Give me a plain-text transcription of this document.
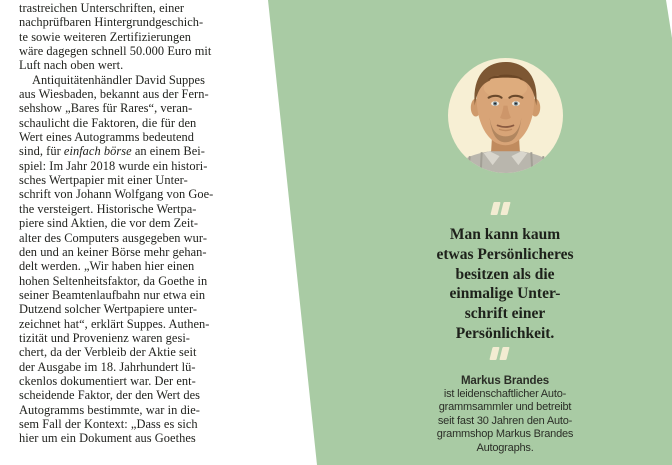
trastreichen Unterschriften, einer
nachprüfbaren Hintergrundgeschich-
te sowie weiteren Zertifizierungen
wäre dagegen schnell 50.000 Euro mit
Luft nach oben wert.
Antiquitätenhändler David Suppes
aus Wiesbaden, bekannt aus der Fern-
sehshow „Bares für Rares“, veran-
schaulicht die Faktoren, die für den
Wert eines Autogramms bedeutend
sind, für einfach börse an einem Bei-
spiel: Im Jahr 2018 wurde ein histori-
sches Wertpapier mit einer Unter-
schrift von Johann Wolfgang von Goe-
the versteigert. Historische Wertpa-
piere sind Aktien, die vor dem Zeit-
alter des Computers ausgegeben wur-
den und an keiner Börse mehr gehan-
delt werden. „Wir haben hier einen
hohen Seltenheitsfaktor, da Goethe in
seiner Beamtenlaufbahn nur etwa ein
Dutzend solcher Wertpapiere unter-
zeichnet hat“, erklärt Suppes. Authen-
tizität und Provenienz waren gesi-
chert, da der Verbleib der Aktie seit
der Ausgabe im 18. Jahrhundert lü-
ckenlos dokumentiert war. Der ent-
scheidende Faktor, der den Wert des
Autogramms bestimmte, war in die-
sem Fall der Kontext: „Dass es sich
hier um ein Dokument aus Goethes
Man kann kaum
etwas Persönlicheres
besitzen als die
einmalige Unter-
schrift einer
Persönlichkeit.
Markus Brandes
ist leidenschaftlicher Auto-
grammsammler und betreibt
seit fast 30 Jahren den Auto-
grammshop Markus Brandes
Autographs.
